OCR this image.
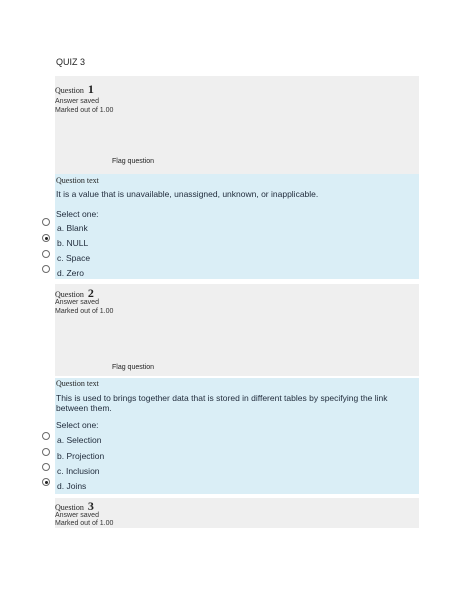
QUIZ 3
Question 1
Answer saved
Marked out of 1.00
Flag question
Question text
It is a value that is unavailable, unassigned, unknown, or inapplicable.
Select one:
a. Blank
b. NULL
c. Space
d. Zero
Question 2
Answer saved
Marked out of 1.00
Flag question
Question text
This is used to brings together data that is stored in different tables by specifying the link between them.
Select one:
a. Selection
b. Projection
c. Inclusion
d. Joins
Question 3
Answer saved
Marked out of 1.00
